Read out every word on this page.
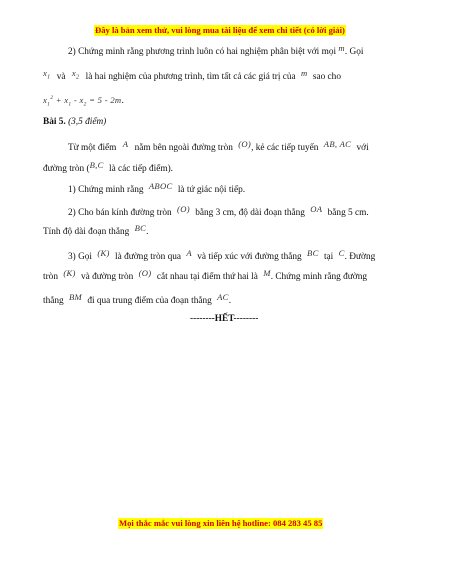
Đây là bản xem thử, vui lòng mua tài liệu để xem chi tiết (có lời giải)
2) Chứng minh rằng phương trình luôn có hai nghiệm phân biệt với mọi m. Gọi
$x_1$ và $x_2$ là hai nghiệm của phương trình, tìm tất cả các giá trị của m sao cho
$x_1^2 + x_1 - x_2 = 5 - 2m$.
Bài 5. (3,5 điểm)
Từ một điểm A nằm bên ngoài đường tròn (O), kẻ các tiếp tuyến AB, AC với
đường tròn (B,C là các tiếp điểm).
1) Chứng minh rằng ABOC là tứ giác nội tiếp.
2) Cho bán kính đường tròn (O) bằng 3 cm, độ dài đoạn thẳng OA bằng 5 cm.
Tính độ dài đoạn thẳng BC.
3) Gọi (K) là đường tròn qua A và tiếp xúc với đường thẳng BC tại C. Đường
tròn (K) và đường tròn (O) cắt nhau tại điểm thứ hai là M. Chứng minh rằng đường
thẳng BM đi qua trung điểm của đoạn thẳng AC.
--------HẾT--------
Mọi thắc mắc vui lòng xin liên hệ hotline: 084 283 45 85
